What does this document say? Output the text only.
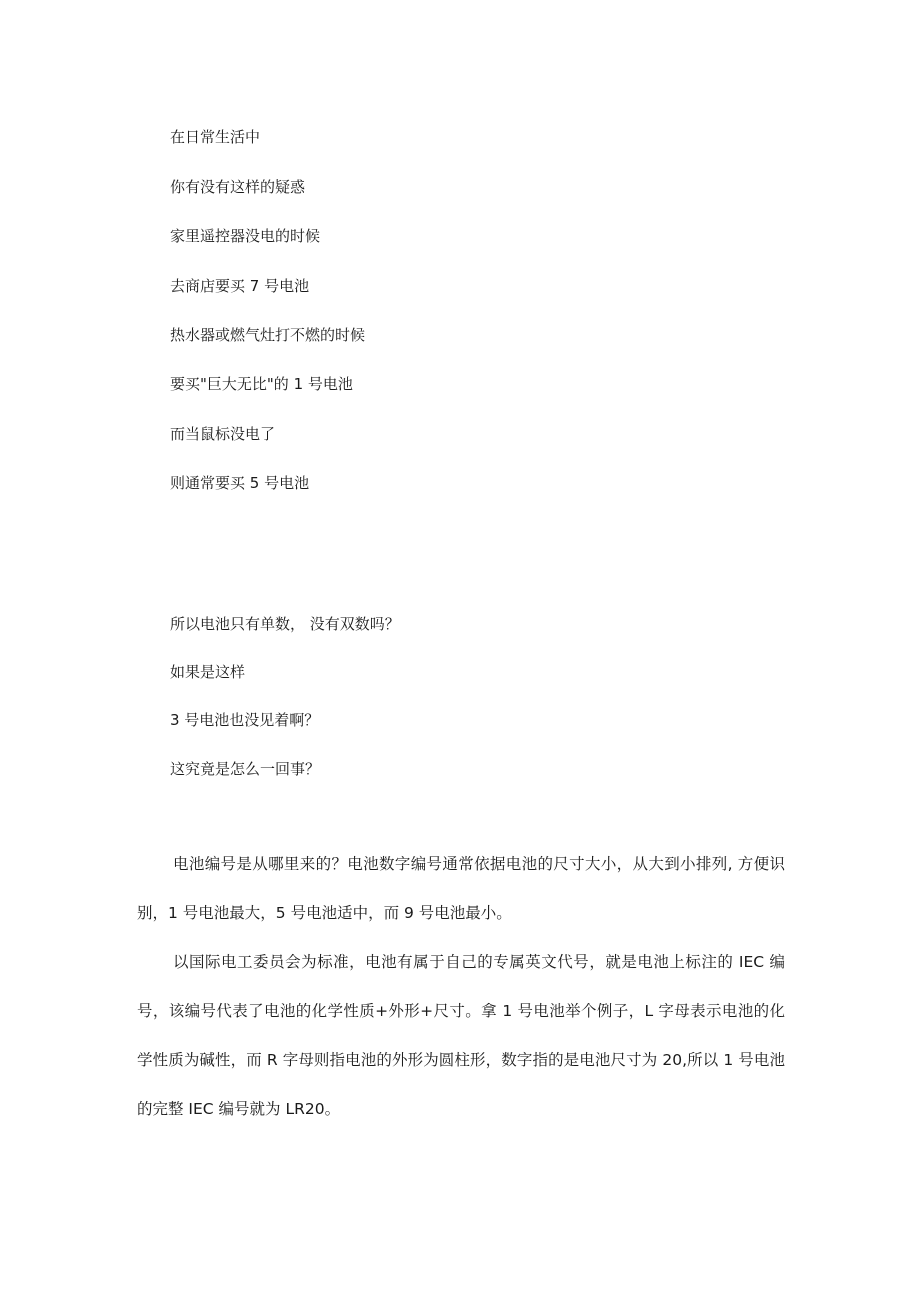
在日常生活中
你有没有这样的疑惑
家里遥控器没电的时候
去商店要买 7 号电池
热水器或燃气灶打不燃的时候
要买"巨大无比"的 1 号电池
而当鼠标没电了
则通常要买 5 号电池
所以电池只有单数， 没有双数吗？
如果是这样
3 号电池也没见着啊？
这究竟是怎么一回事？

电池编号是从哪里来的？电池数字编号通常依据电池的尺寸大小，从大到小排列, 方便识别，1 号电池最大，5 号电池适中，而 9 号电池最小。

以国际电工委员会为标准，电池有属于自己的专属英文代号，就是电池上标注的 IEC 编号，该编号代表了电池的化学性质+外形+尺寸。拿 1 号电池举个例子，L 字母表示电池的化学性质为碱性，而 R 字母则指电池的外形为圆柱形，数字指的是电池尺寸为 20,所以 1 号电池的完整 IEC 编号就为 LR20。
